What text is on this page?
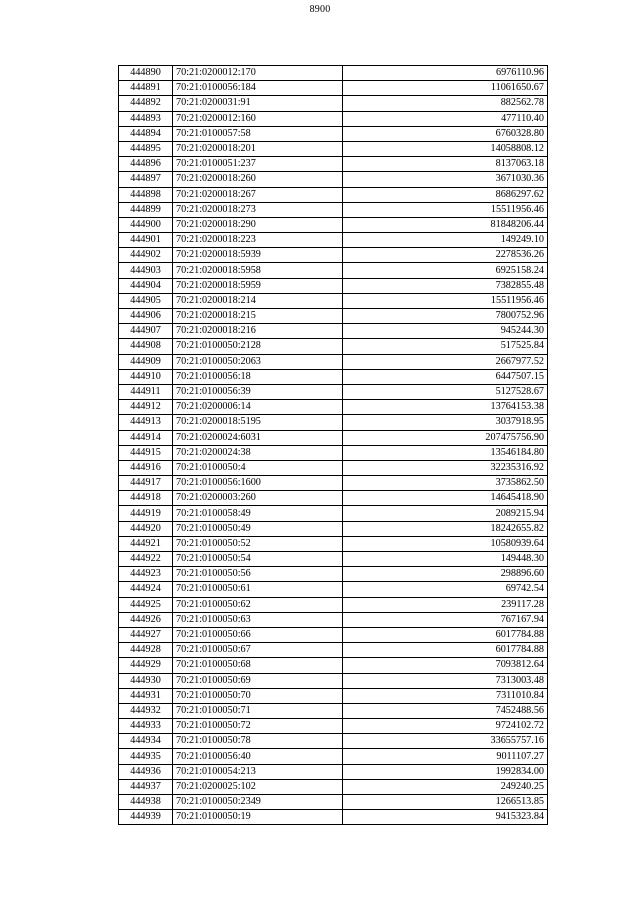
8900
444890	70:21:0200012:170	6976110.96
444891	70:21:0100056:184	11061650.67
444892	70:21:0200031:91	882562.78
444893	70:21:0200012:160	477110.40
444894	70:21:0100057:58	6760328.80
444895	70:21:0200018:201	14058808.12
444896	70:21:0100051:237	8137063.18
444897	70:21:0200018:260	3671030.36
444898	70:21:0200018:267	8686297.62
444899	70:21:0200018:273	15511956.46
444900	70:21:0200018:290	81848206.44
444901	70:21:0200018:223	149249.10
444902	70:21:0200018:5939	2278536.26
444903	70:21:0200018:5958	6925158.24
444904	70:21:0200018:5959	7382855.48
444905	70:21:0200018:214	15511956.46
444906	70:21:0200018:215	7800752.96
444907	70:21:0200018:216	945244.30
444908	70:21:0100050:2128	517525.84
444909	70:21:0100050:2063	2667977.52
444910	70:21:0100056:18	6447507.15
444911	70:21:0100056:39	5127528.67
444912	70:21:0200006:14	13764153.38
444913	70:21:0200018:5195	3037918.95
444914	70:21:0200024:6031	207475756.90
444915	70:21:0200024:38	13546184.80
444916	70:21:0100050:4	32235316.92
444917	70:21:0100056:1600	3735862.50
444918	70:21:0200003:260	14645418.90
444919	70:21:0100058:49	2089215.94
444920	70:21:0100050:49	18242655.82
444921	70:21:0100050:52	10580939.64
444922	70:21:0100050:54	149448.30
444923	70:21:0100050:56	298896.60
444924	70:21:0100050:61	69742.54
444925	70:21:0100050:62	239117.28
444926	70:21:0100050:63	767167.94
444927	70:21:0100050:66	6017784.88
444928	70:21:0100050:67	6017784.88
444929	70:21:0100050:68	7093812.64
444930	70:21:0100050:69	7313003.48
444931	70:21:0100050:70	7311010.84
444932	70:21:0100050:71	7452488.56
444933	70:21:0100050:72	9724102.72
444934	70:21:0100050:78	33655757.16
444935	70:21:0100056:40	9011107.27
444936	70:21:0100054:213	1992834.00
444937	70:21:0200025:102	249240.25
444938	70:21:0100050:2349	1266513.85
444939	70:21:0100050:19	9415323.84
